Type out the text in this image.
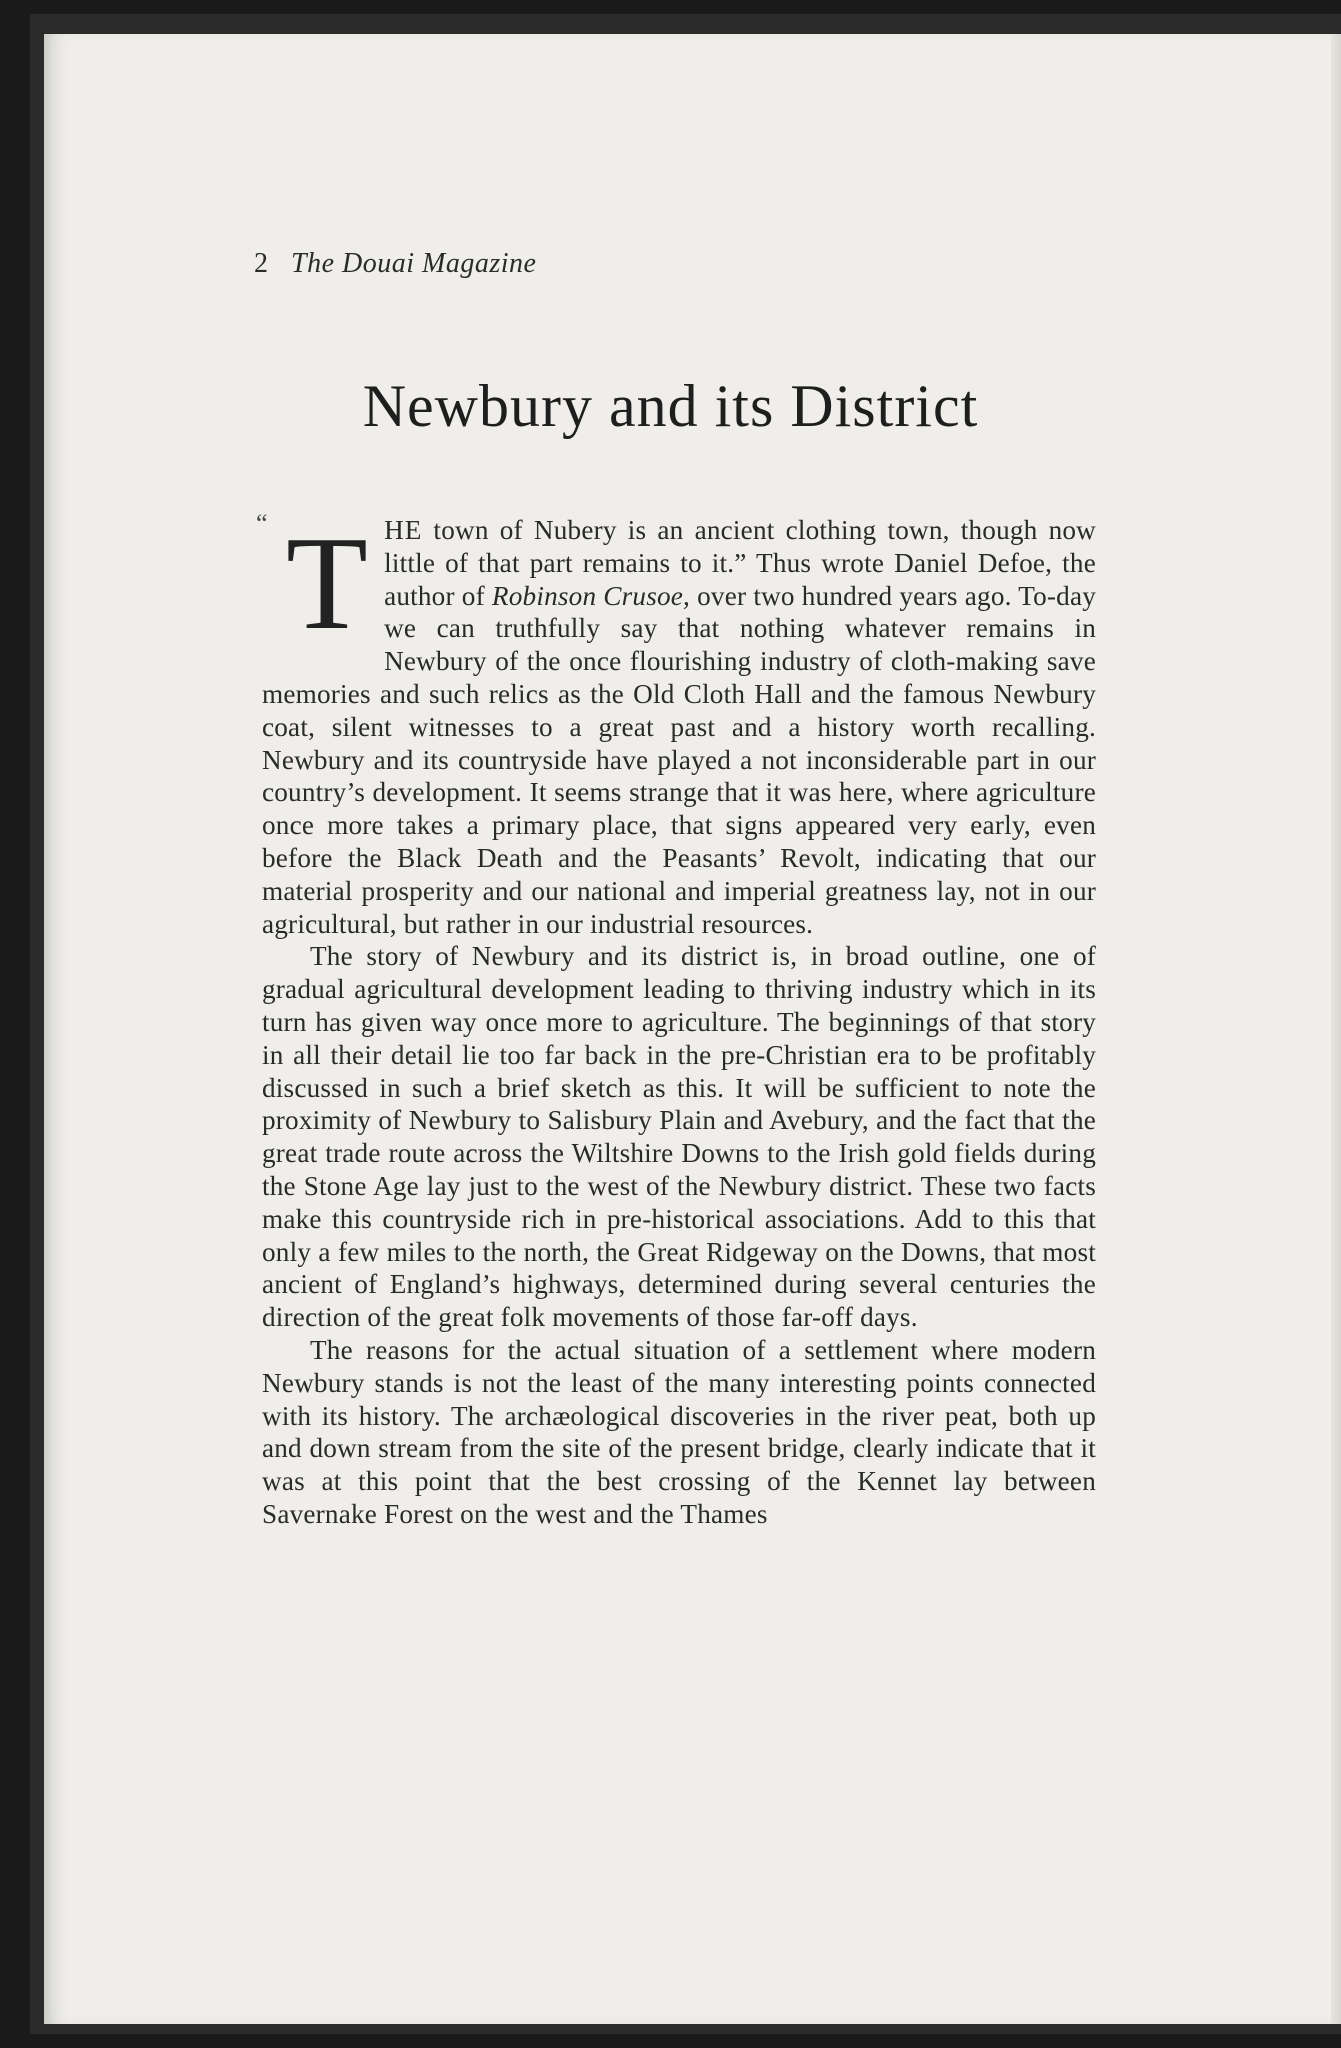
2 The Douai Magazine
Newbury and its District
“ THE town of Nubery is an ancient clothing town, though now little of that part remains to it.” Thus wrote Daniel Defoe, the author of Robinson Crusoe, over two hundred years ago. To-day we can truthfully say that nothing whatever remains in Newbury of the once flourishing industry of cloth-making save memories and such relics as the Old Cloth Hall and the famous Newbury coat, silent witnesses to a great past and a history worth recalling. Newbury and its countryside have played a not inconsiderable part in our country’s development. It seems strange that it was here, where agriculture once more takes a primary place, that signs appeared very early, even before the Black Death and the Peasants’ Revolt, indicating that our material prosperity and our national and imperial greatness lay, not in our agricultural, but rather in our industrial resources.

The story of Newbury and its district is, in broad outline, one of gradual agricultural development leading to thriving industry which in its turn has given way once more to agriculture. The beginnings of that story in all their detail lie too far back in the pre-Christian era to be profitably discussed in such a brief sketch as this. It will be sufficient to note the proximity of Newbury to Salisbury Plain and Avebury, and the fact that the great trade route across the Wiltshire Downs to the Irish gold fields during the Stone Age lay just to the west of the Newbury district. These two facts make this countryside rich in pre-historical associations. Add to this that only a few miles to the north, the Great Ridgeway on the Downs, that most ancient of England’s highways, determined during several centuries the direction of the great folk movements of those far-off days.

The reasons for the actual situation of a settlement where modern Newbury stands is not the least of the many interesting points connected with its history. The archæological discoveries in the river peat, both up and down stream from the site of the present bridge, clearly indicate that it was at this point that the best crossing of the Kennet lay between Savernake Forest on the west and the Thames
